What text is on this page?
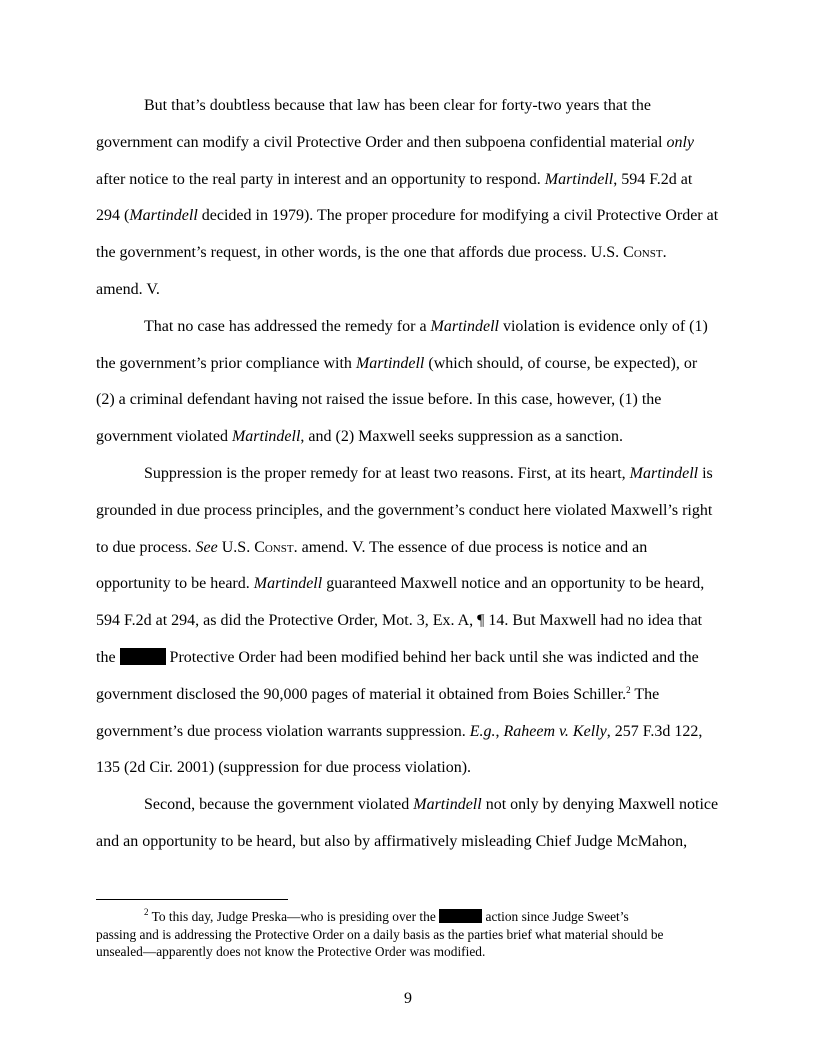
But that’s doubtless because that law has been clear for forty-two years that the
government can modify a civil Protective Order and then subpoena confidential material only
after notice to the real party in interest and an opportunity to respond. Martindell, 594 F.2d at
294 (Martindell decided in 1979). The proper procedure for modifying a civil Protective Order at
the government’s request, in other words, is the one that affords due process. U.S. Const.
amend. V.
That no case has addressed the remedy for a Martindell violation is evidence only of (1)
the government’s prior compliance with Martindell (which should, of course, be expected), or
(2) a criminal defendant having not raised the issue before. In this case, however, (1) the
government violated Martindell, and (2) Maxwell seeks suppression as a sanction.
Suppression is the proper remedy for at least two reasons. First, at its heart, Martindell is
grounded in due process principles, and the government’s conduct here violated Maxwell’s right
to due process. See U.S. Const. amend. V. The essence of due process is notice and an
opportunity to be heard. Martindell guaranteed Maxwell notice and an opportunity to be heard,
594 F.2d at 294, as did the Protective Order, Mot. 3, Ex. A, ¶ 14. But Maxwell had no idea that
the	Protective Order had been modified behind her back until she was indicted and the
government disclosed the 90,000 pages of material it obtained from Boies Schiller.$^2$ The
government’s due process violation warrants suppression. E.g., Raheem v. Kelly, 257 F.3d 122,
135 (2d Cir. 2001) (suppression for due process violation).
Second, because the government violated Martindell not only by denying Maxwell notice
and an opportunity to be heard, but also by affirmatively misleading Chief Judge McMahon,
$^2$ To this day, Judge Preska—who is presiding over the	action since Judge Sweet’s
passing and is addressing the Protective Order on a daily basis as the parties brief what material should be
unsealed—apparently does not know the Protective Order was modified.
9
